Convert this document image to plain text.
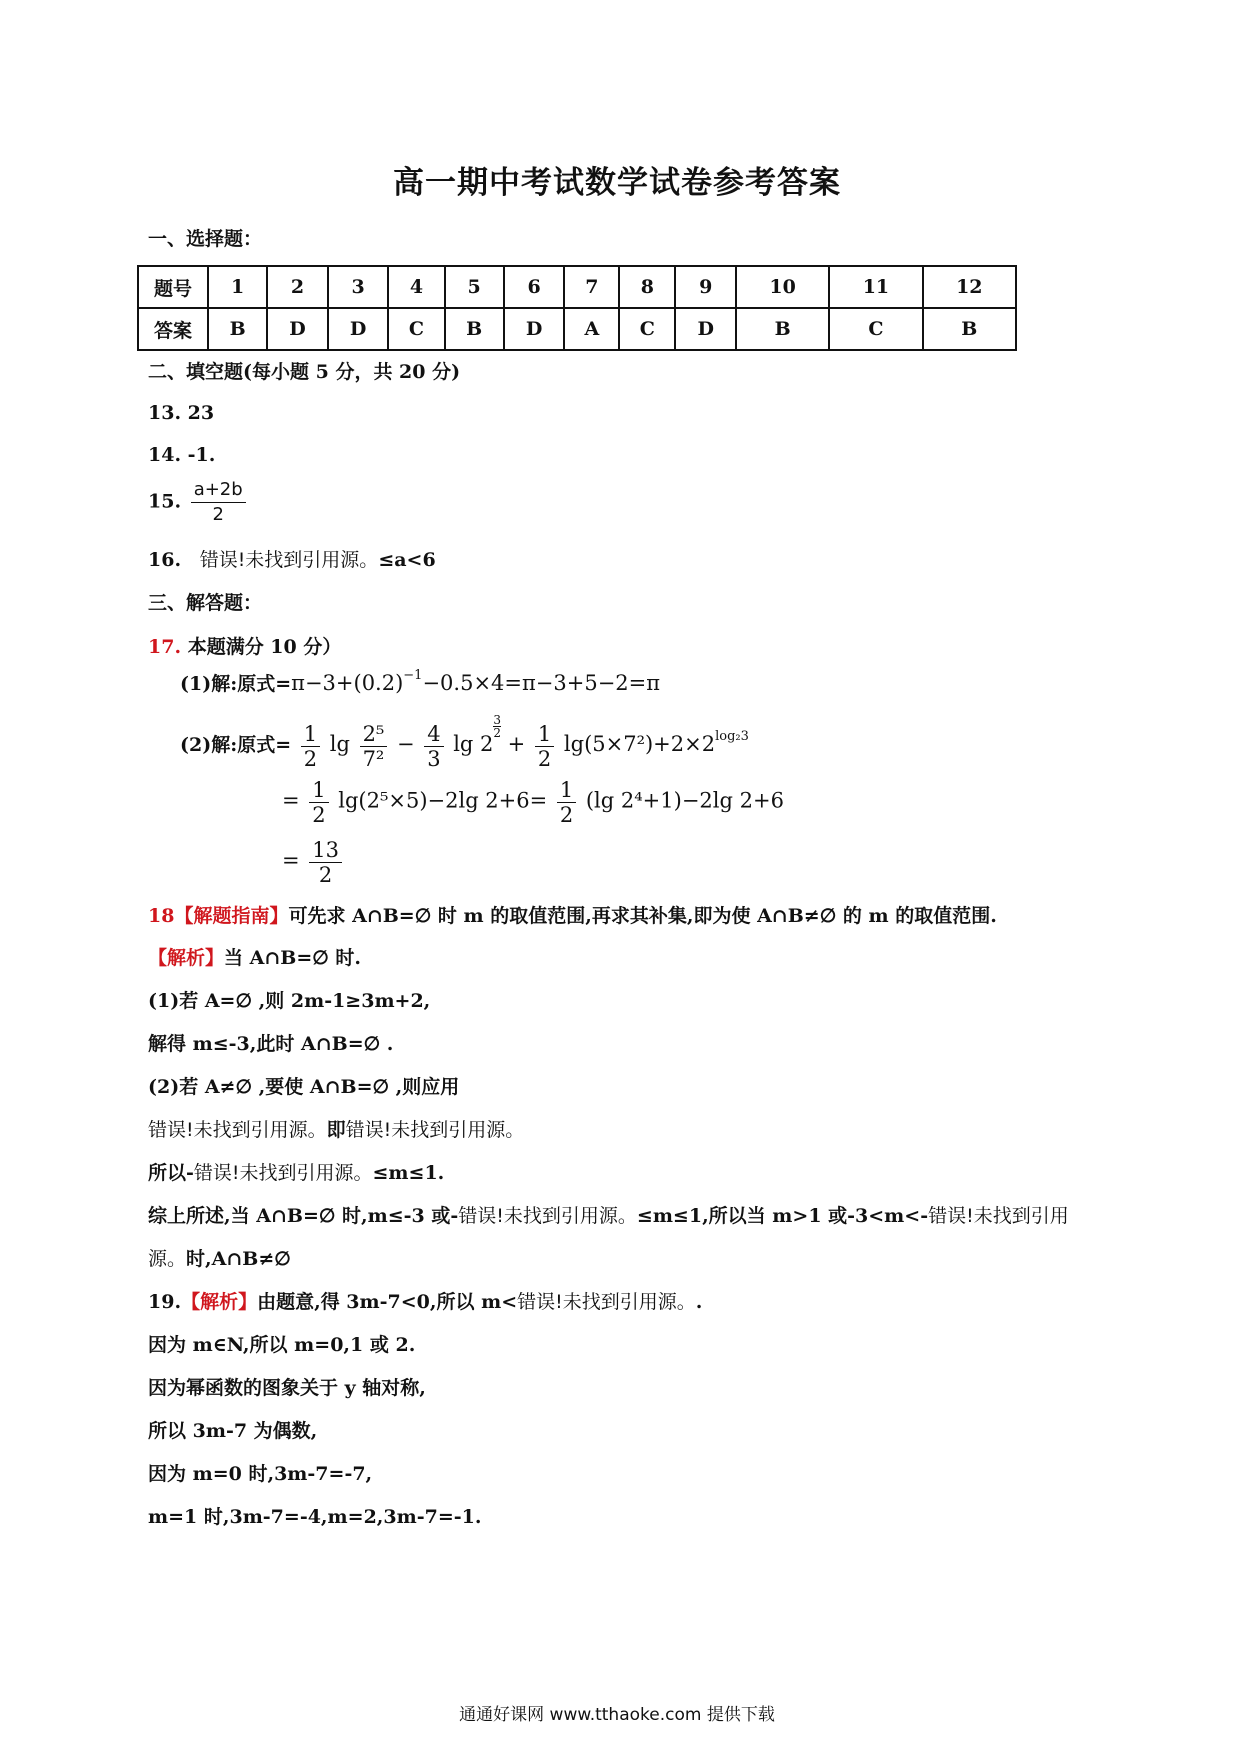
高一期中考试数学试卷参考答案
一、选择题：
题号	1	2	3	4	5	6	7	8	9	10	11	12
答案	B	D	D	C	B	D	A	C	D	B	C	B
二、填空题(每小题 5 分，共 20 分)
13. 23
14. -1.
15. $\frac{a+2b}{2}$
16. 错误!未找到引用源。≤a<6
三、解答题：
17. 本题满分 10 分）
(1)解:原式$=\pi-3+(0.2)^{-1}-0.5\times 4=\pi-3+5-2=\pi$
(2)解:原式= $\frac{1}{2}$ $\lg \frac{\text{2⁵}}{\text{7²}} - \frac{4}{3}$ lg 2
$\frac{3}{2}$
+ $\frac{1}{2} \lg(5\times 7^2)+2\times 2^{log_23}$
= $\frac{1}{2} \lg(2^5\times 5)-2\lg$ $2+6= \frac{1}{2} (\lg$ 2⁴+1)−2lg 2+6
= $\frac{13}{2}$
18【解题指南】可先求 A∩B=∅ 时 m 的取值范围,再求其补集,即为使 A∩B≠∅ 的 m 的取值范围.
【解析】当 A∩B=∅ 时.
(1)若 A=∅ ,则 2m-1≥3m+2,
解得 m≤-3,此时 A∩B=∅ .
(2)若 A≠∅ ,要使 A∩B=∅ ,则应用
错误!未找到引用源。即错误!未找到引用源。
所以-错误!未找到引用源。≤m≤1.
综上所述,当 A∩B=∅ 时,m≤-3 或-错误!未找到引用源。≤m≤1,所以当 m>1 或-3<m<-错误!未找到引用
源。时,A∩B≠∅
19.【解析】由题意,得 3m-7<0,所以 m<错误!未找到引用源。.
因为 m∈N,所以 m=0,1 或 2.
因为幂函数的图象关于 y 轴对称,
所以 3m-7 为偶数,
因为 m=0 时,3m-7=-7,
m=1 时,3m-7=-4,m=2,3m-7=-1.
通通好课网 www.tthaoke.com 提供下载
